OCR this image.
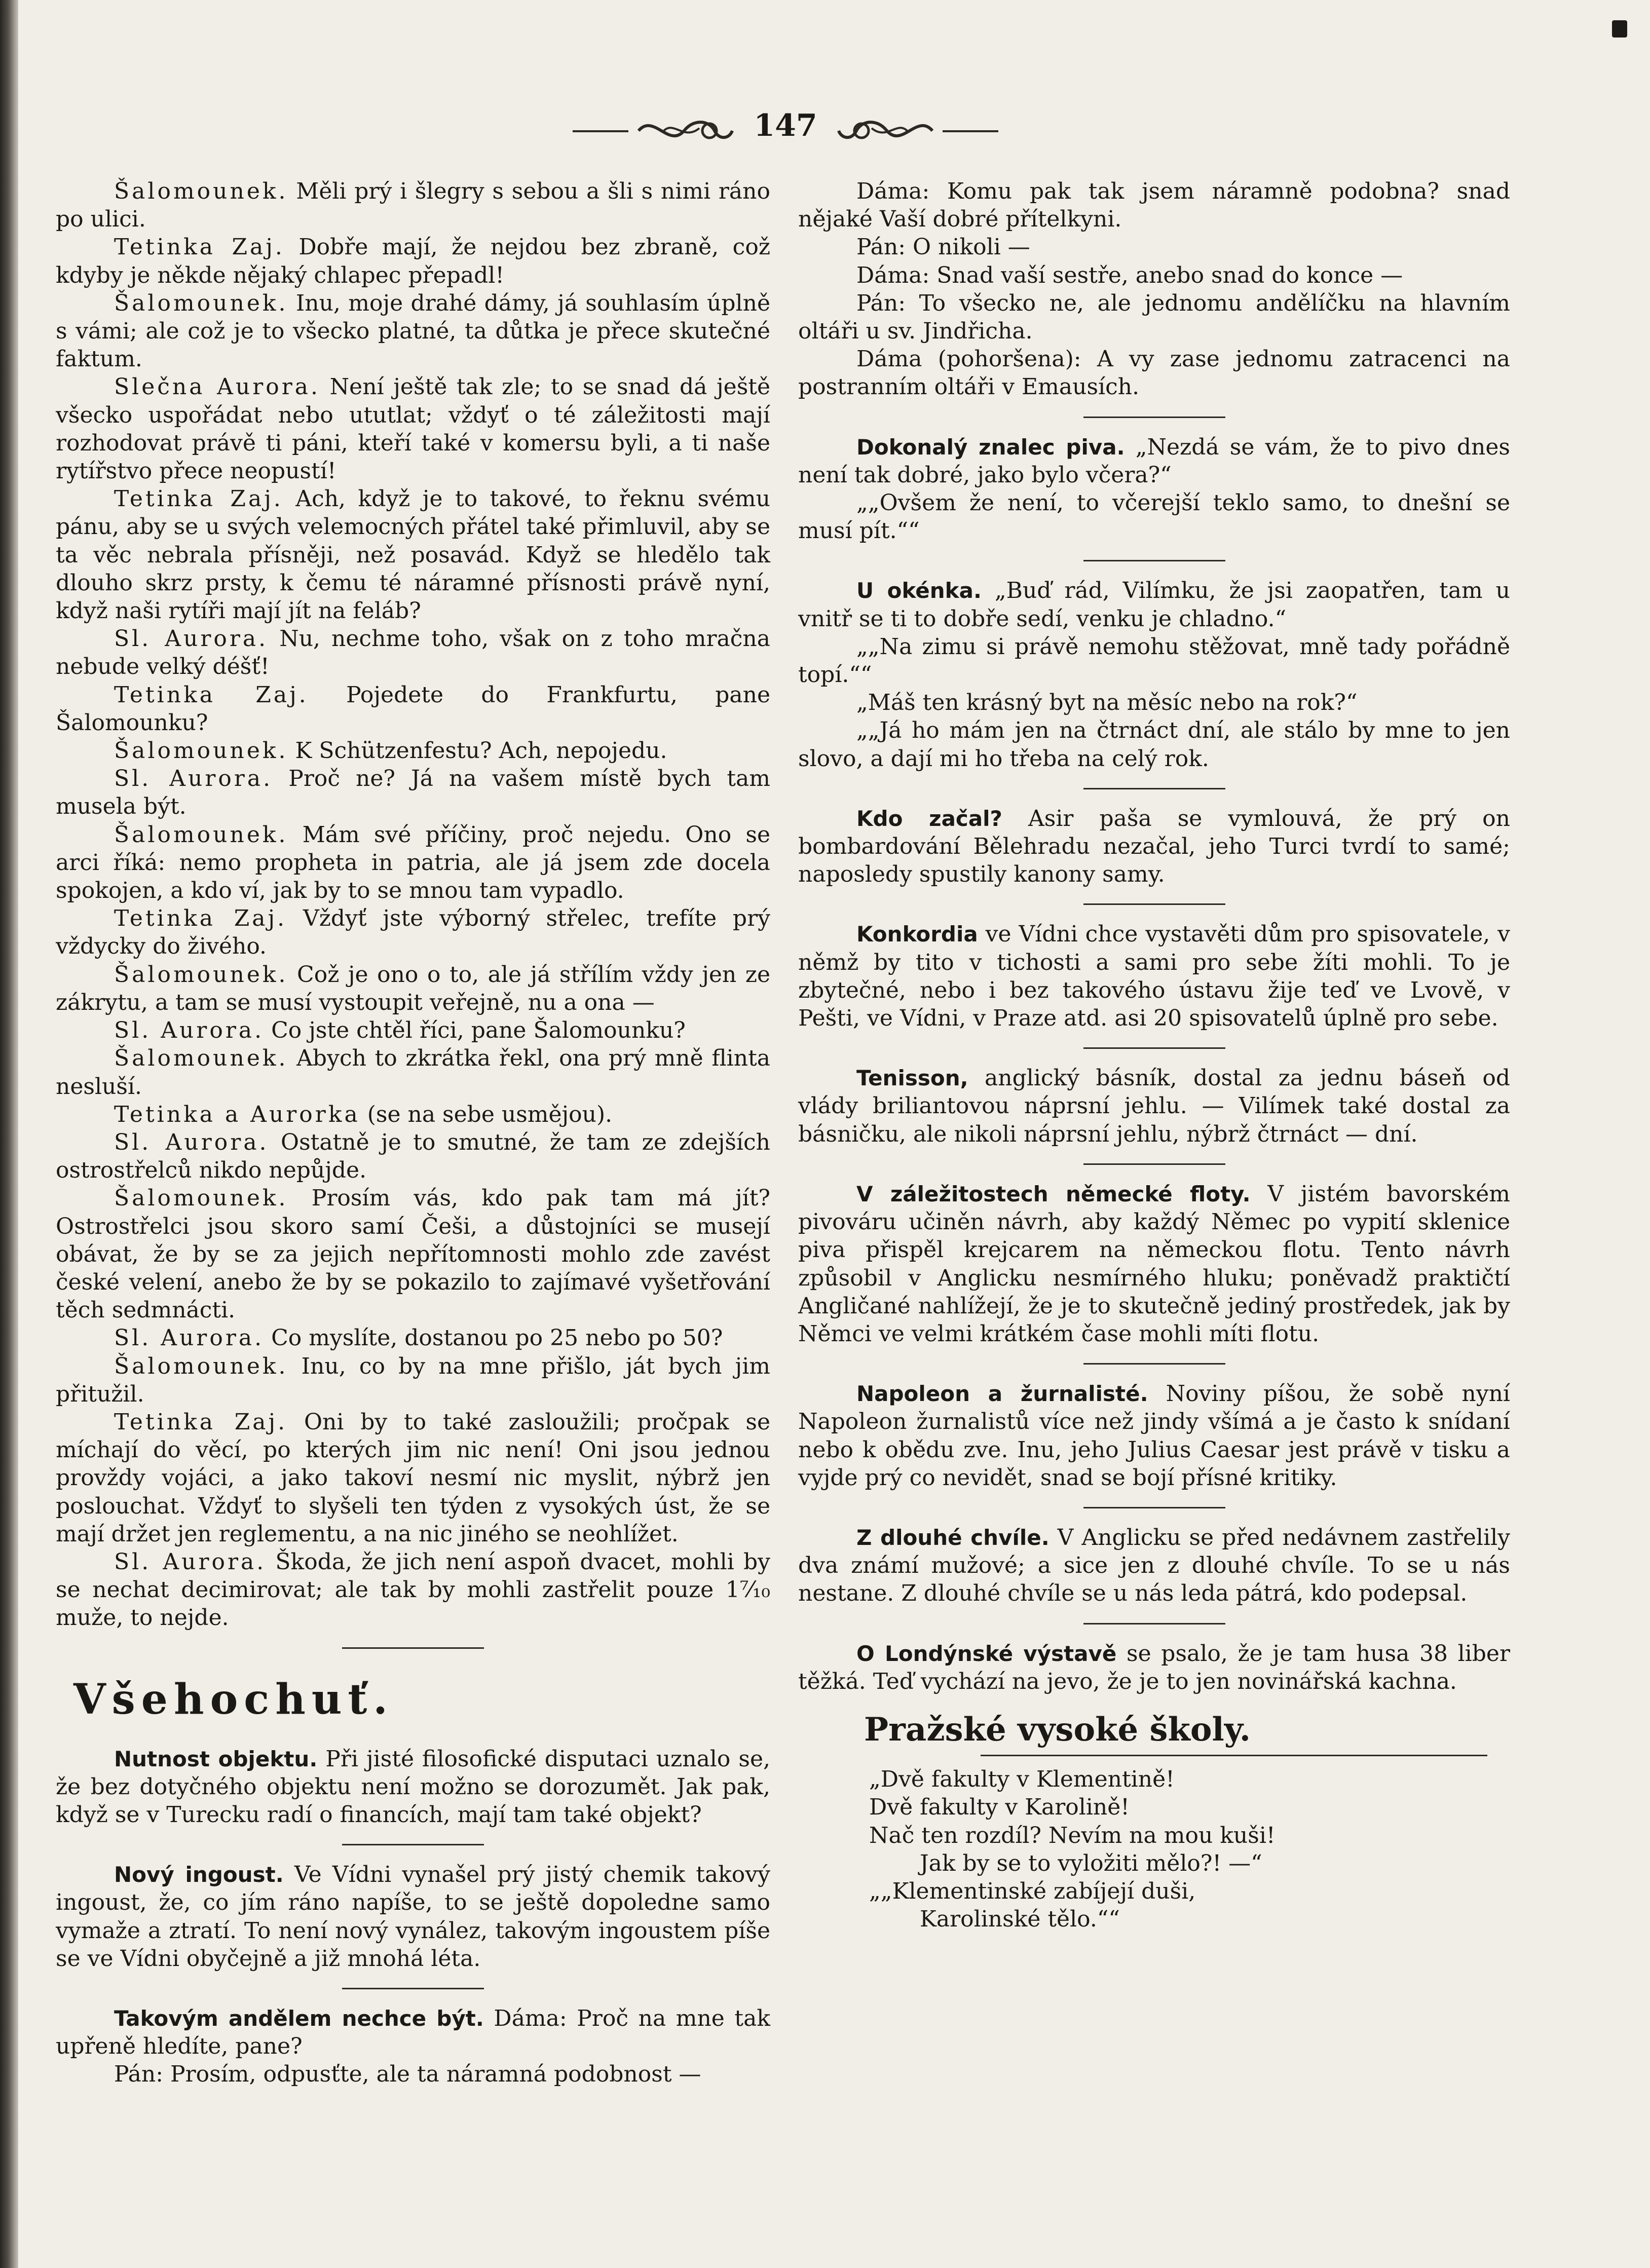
147

Šalomounek. Měli prý i šlegry s sebou a šli s nimi ráno po ulici.

Tetinka Zaj. Dobře mají, že nejdou bez zbraně, což kdyby je někde nějaký chlapec přepadl!

Šalomounek. Inu, moje drahé dámy, já souhlasím úplně s vámi; ale což je to všecko platné, ta důtka je přece skutečné faktum.

Slečna Aurora. Není ještě tak zle; to se snad dá ještě všecko uspořádat nebo ututlat; vždyť o té záležitosti mají rozhodovat právě ti páni, kteří také v komersu byli, a ti naše rytířstvo přece neopustí!

Tetinka Zaj. Ach, když je to takové, to řeknu svému pánu, aby se u svých velemocných přátel také přimluvil, aby se ta věc nebrala přísněji, než posavád. Když se hledělo tak dlouho skrz prsty, k čemu té náramné přísnosti právě nyní, když naši rytíři mají jít na feláb?

Sl. Aurora. Nu, nechme toho, však on z toho mračna nebude velký déšť!

Tetinka Zaj. Pojedete do Frankfurtu, pane Šalomounku?

Šalomounek. K Schützenfestu? Ach, nepojedu.

Sl. Aurora. Proč ne? Já na vašem místě bych tam musela být.

Šalomounek. Mám své příčiny, proč nejedu. Ono se arci říká: nemo propheta in patria, ale já jsem zde docela spokojen, a kdo ví, jak by to se mnou tam vypadlo.

Tetinka Zaj. Vždyť jste výborný střelec, trefíte prý vždycky do živého.

Šalomounek. Což je ono o to, ale já střílím vždy jen ze zákrytu, a tam se musí vystoupit veřejně, nu a ona —

Sl. Aurora. Co jste chtěl říci, pane Šalomounku?

Šalomounek. Abych to zkrátka řekl, ona prý mně flinta nesluší.

Tetinka a Aurorka (se na sebe usmějou).

Sl. Aurora. Ostatně je to smutné, že tam ze zdejších ostrostřelců nikdo nepůjde.

Šalomounek. Prosím vás, kdo pak tam má jít? Ostrostřelci jsou skoro samí Češi, a důstojníci se musejí obávat, že by se za jejich nepřítomnosti mohlo zde zavést české velení, anebo že by se pokazilo to zajímavé vyšetřování těch sedmnácti.

Sl. Aurora. Co myslíte, dostanou po 25 nebo po 50?

Šalomounek. Inu, co by na mne přišlo, ját bych jim přitužil.

Tetinka Zaj. Oni by to také zasloužili; pročpak se míchají do věcí, po kterých jim nic není! Oni jsou jednou provždy vojáci, a jako takoví nesmí nic myslit, nýbrž jen poslouchat. Vždyť to slyšeli ten týden z vysokých úst, že se mají držet jen reglementu, a na nic jiného se neohlížet.

Sl. Aurora. Škoda, že jich není aspoň dvacet, mohli by se nechat decimirovat; ale tak by mohli zastřelit pouze 1⁷⁄₁₀ muže, to nejde.

Všehochuť.

Nutnost objektu. Při jisté filosofické disputaci uznalo se, že bez dotyčného objektu není možno se dorozumět. Jak pak, když se v Turecku radí o financích, mají tam také objekt?

Nový ingoust. Ve Vídni vynašel prý jistý chemik takový ingoust, že, co jím ráno napíše, to se ještě dopoledne samo vymaže a ztratí. To není nový vynález, takovým ingoustem píše se ve Vídni obyčejně a již mnohá léta.

Takovým andělem nechce být. Dáma: Proč na mne tak upřeně hledíte, pane?

Pán: Prosím, odpusťte, ale ta náramná podobnost —

Dáma: Komu pak tak jsem náramně podobna? snad nějaké Vaší dobré přítelkyni.

Pán: O nikoli —

Dáma: Snad vaší sestře, anebo snad do konce —

Pán: To všecko ne, ale jednomu andělíčku na hlavním oltáři u sv. Jindřicha.

Dáma (pohoršena): A vy zase jednomu zatracenci na postranním oltáři v Emausích.

Dokonalý znalec piva. „Nezdá se vám, že to pivo dnes není tak dobré, jako bylo včera?“

„„Ovšem že není, to včerejší teklo samo, to dnešní se musí pít.““

U okénka. „Buď rád, Vilímku, že jsi zaopatřen, tam u vnitř se ti to dobře sedí, venku je chladno.“

„„Na zimu si právě nemohu stěžovat, mně tady pořádně topí.““

„Máš ten krásný byt na měsíc nebo na rok?“

„„Já ho mám jen na čtrnáct dní, ale stálo by mne to jen slovo, a dají mi ho třeba na celý rok.

Kdo začal? Asir paša se vymlouvá, že prý on bombardování Bělehradu nezačal, jeho Turci tvrdí to samé; naposledy spustily kanony samy.

Konkordia ve Vídni chce vystavěti dům pro spisovatele, v němž by tito v tichosti a sami pro sebe žíti mohli. To je zbytečné, nebo i bez takového ústavu žije teď ve Lvově, v Pešti, ve Vídni, v Praze atd. asi 20 spisovatelů úplně pro sebe.

Tenisson, anglický básník, dostal za jednu báseň od vlády briliantovou náprsní jehlu. — Vilímek také dostal za básničku, ale nikoli náprsní jehlu, nýbrž čtrnáct — dní.

V záležitostech německé floty. V jistém bavorském pivováru učiněn návrh, aby každý Němec po vypití sklenice piva přispěl krejcarem na německou flotu. Tento návrh způsobil v Anglicku nesmírného hluku; poněvadž praktičtí Angličané nahlížejí, že je to skutečně jediný prostředek, jak by Němci ve velmi krátkém čase mohli míti flotu.

Napoleon a žurnalisté. Noviny píšou, že sobě nyní Napoleon žurnalistů více než jindy všímá a je často k snídaní nebo k obědu zve. Inu, jeho Julius Caesar jest právě v tisku a vyjde prý co nevidět, snad se bojí přísné kritiky.

Z dlouhé chvíle. V Anglicku se před nedávnem zastřelily dva známí mužové; a sice jen z dlouhé chvíle. To se u nás nestane. Z dlouhé chvíle se u nás leda pátrá, kdo podepsal.

O Londýnské výstavě se psalo, že je tam husa 38 liber těžká. Teď vychází na jevo, že je to jen novinářská kachna.

Pražské vysoké školy.

„Dvě fakulty v Klementině!

Dvě fakulty v Karolině!

Nač ten rozdíl? Nevím na mou kuši!

Jak by se to vyložiti mělo?! —“

„„Klementinské zabíjejí duši,

Karolinské tělo.““
